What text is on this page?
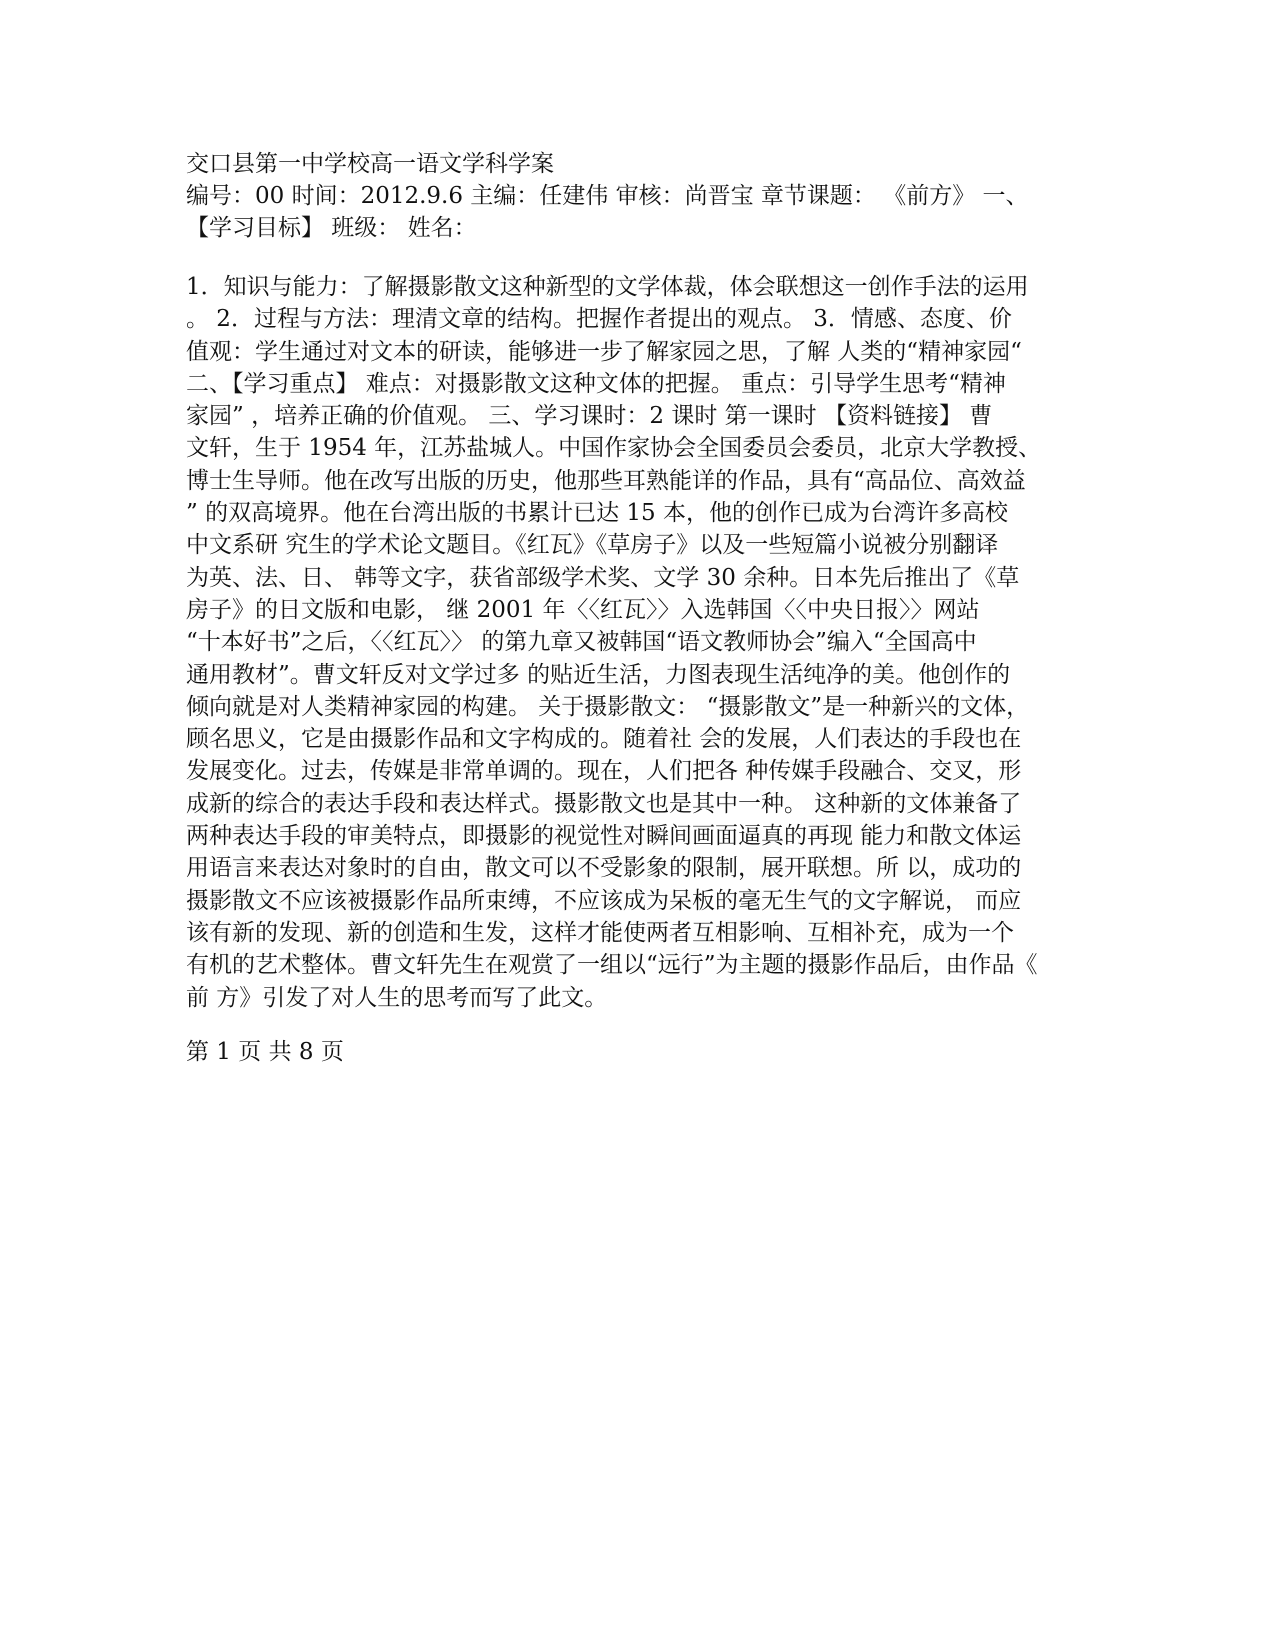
交口县第一中学校高一语文学科学案
编号：00 时间：2012.9.6 主编：任建伟 审核：尚晋宝 章节课题： 《前方》 一、
【学习目标】 班级： 姓名：
1．知识与能力：了解摄影散文这种新型的文学体裁，体会联想这一创作手法的运用
。 2．过程与方法：理清文章的结构。把握作者提出的观点。 3．情感、态度、价
值观：学生通过对文本的研读，能够进一步了解家园之思，了解 人类的“精神家园“
二、【学习重点】 难点：对摄影散文这种文体的把握。 重点：引导学生思考“精神
家园” ，培养正确的价值观。 三、学习课时：2 课时 第一课时 【资料链接】 曹
文轩，生于 1954 年，江苏盐城人。中国作家协会全国委员会委员，北京大学教授、
博士生导师。他在改写出版的历史，他那些耳熟能详的作品，具有“高品位、高效益
” 的双高境界。他在台湾出版的书累计已达 15 本，他的创作已成为台湾许多高校
中文系研 究生的学术论文题目。《红瓦》《草房子》以及一些短篇小说被分别翻译
为英、法、日、 韩等文字，获省部级学术奖、文学 30 余种。日本先后推出了《草
房子》的日文版和电影， 继 2001 年〈〈红瓦〉〉入选韩国〈〈中央日报〉〉网站
“十本好书”之后，〈〈红瓦〉〉 的第九章又被韩国“语文教师协会”编入“全国高中
通用教材”。曹文轩反对文学过多 的贴近生活，力图表现生活纯净的美。他创作的
倾向就是对人类精神家园的构建。 关于摄影散文： “摄影散文”是一种新兴的文体，
顾名思义，它是由摄影作品和文字构成的。随着社 会的发展，人们表达的手段也在
发展变化。过去，传媒是非常单调的。现在，人们把各 种传媒手段融合、交叉，形
成新的综合的表达手段和表达样式。摄影散文也是其中一种。 这种新的文体兼备了
两种表达手段的审美特点，即摄影的视觉性对瞬间画面逼真的再现 能力和散文体运
用语言来表达对象时的自由，散文可以不受影象的限制，展开联想。所 以，成功的
摄影散文不应该被摄影作品所束缚，不应该成为呆板的毫无生气的文字解说， 而应
该有新的发现、新的创造和生发，这样才能使两者互相影响、互相补充，成为一个
有机的艺术整体。曹文轩先生在观赏了一组以“远行”为主题的摄影作品后，由作品《
前 方》引发了对人生的思考而写了此文。
第 1 页 共 8 页
